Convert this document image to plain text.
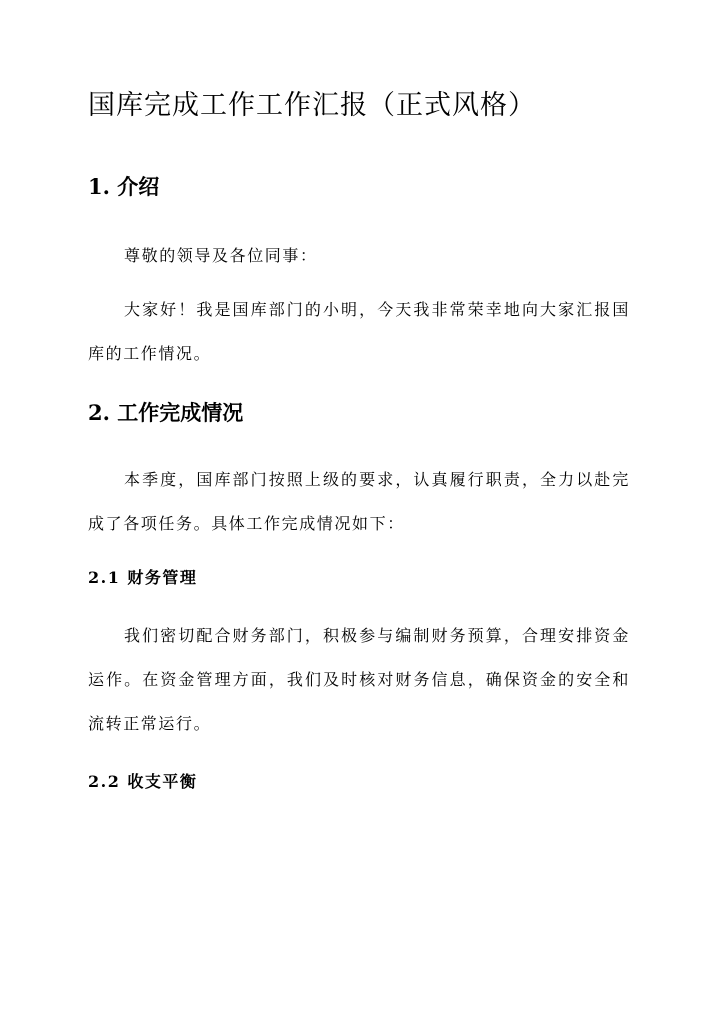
国库完成工作工作汇报（正式风格）
1. 介绍

尊敬的领导及各位同事：

大家好！我是国库部门的小明，今天我非常荣幸地向大家汇报国库的工作情况。

2. 工作完成情况

本季度，国库部门按照上级的要求，认真履行职责，全力以赴完成了各项任务。具体工作完成情况如下：

2.1 财务管理

我们密切配合财务部门，积极参与编制财务预算，合理安排资金运作。在资金管理方面，我们及时核对财务信息，确保资金的安全和流转正常运行。

2.2 收支平衡
